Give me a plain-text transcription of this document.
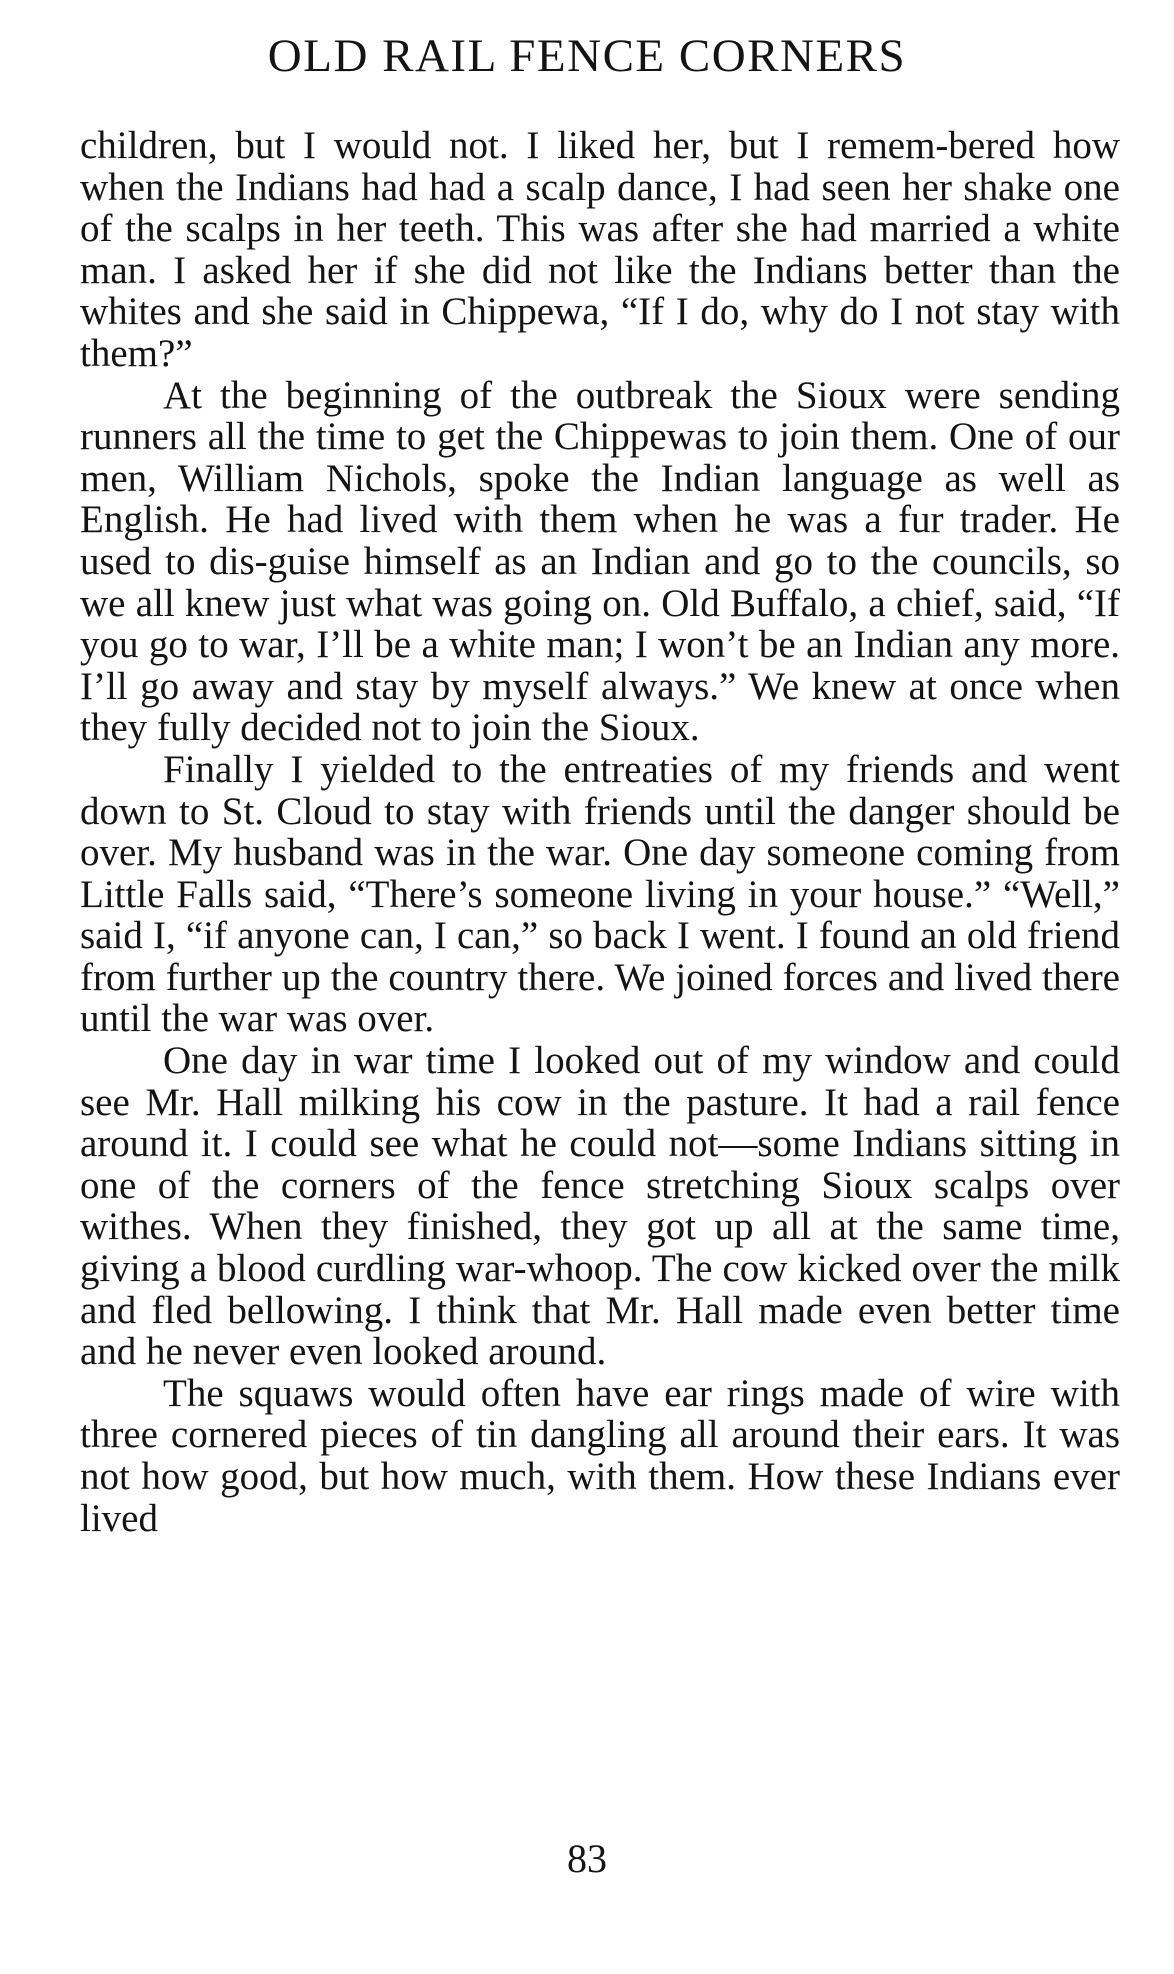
OLD RAIL FENCE CORNERS

children, but I would not. I liked her, but I remem-bered how when the Indians had had a scalp dance, I had seen her shake one of the scalps in her teeth. This was after she had married a white man. I asked her if she did not like the Indians better than the whites and she said in Chippewa, “If I do, why do I not stay with them?”

At the beginning of the outbreak the Sioux were sending runners all the time to get the Chippewas to join them. One of our men, William Nichols, spoke the Indian language as well as English. He had lived with them when he was a fur trader. He used to dis-guise himself as an Indian and go to the councils, so we all knew just what was going on. Old Buffalo, a chief, said, “If you go to war, I’ll be a white man; I won’t be an Indian any more. I’ll go away and stay by myself always.” We knew at once when they fully decided not to join the Sioux.

Finally I yielded to the entreaties of my friends and went down to St. Cloud to stay with friends until the danger should be over. My husband was in the war. One day someone coming from Little Falls said, “There’s someone living in your house.” “Well,” said I, “if anyone can, I can,” so back I went. I found an old friend from further up the country there. We joined forces and lived there until the war was over.

One day in war time I looked out of my window and could see Mr. Hall milking his cow in the pasture. It had a rail fence around it. I could see what he could not—some Indians sitting in one of the corners of the fence stretching Sioux scalps over withes. When they finished, they got up all at the same time, giving a blood curdling war-whoop. The cow kicked over the milk and fled bellowing. I think that Mr. Hall made even better time and he never even looked around.

The squaws would often have ear rings made of wire with three cornered pieces of tin dangling all around their ears. It was not how good, but how much, with them. How these Indians ever lived

83
